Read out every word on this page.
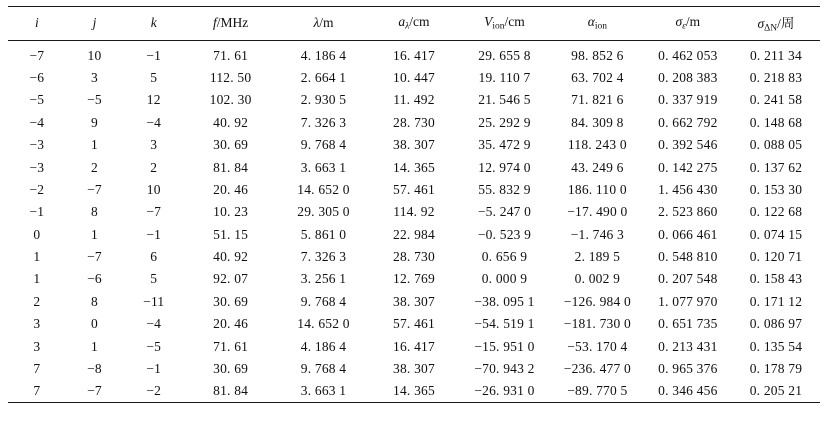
i	j	k	f/MHz	λ/m	$a_\lambda/cm$	$V_{ion}/cm$	$\alpha_{ion}$	$\sigma_\varepsilon/m$	$\sigma_{\Delta N}/$周
−7	10	−1	71. 61	4. 186 4	16. 417	29. 655 8	98. 852 6	0. 462 053	0. 211 34
−6	3	5	112. 50	2. 664 1	10. 447	19. 110 7	63. 702 4	0. 208 383	0. 218 83
−5	−5	12	102. 30	2. 930 5	11. 492	21. 546 5	71. 821 6	0. 337 919	0. 241 58
−4	9	−4	40. 92	7. 326 3	28. 730	25. 292 9	84. 309 8	0. 662 792	0. 148 68
−3	1	3	30. 69	9. 768 4	38. 307	35. 472 9	118. 243 0	0. 392 546	0. 088 05
−3	2	2	81. 84	3. 663 1	14. 365	12. 974 0	43. 249 6	0. 142 275	0. 137 62
−2	−7	10	20. 46	14. 652 0	57. 461	55. 832 9	186. 110 0	1. 456 430	0. 153 30
−1	8	−7	10. 23	29. 305 0	114. 92	−5. 247 0	−17. 490 0	2. 523 860	0. 122 68
0	1	−1	51. 15	5. 861 0	22. 984	−0. 523 9	−1. 746 3	0. 066 461	0. 074 15
1	−7	6	40. 92	7. 326 3	28. 730	0. 656 9	2. 189 5	0. 548 810	0. 120 71
1	−6	5	92. 07	3. 256 1	12. 769	0. 000 9	0. 002 9	0. 207 548	0. 158 43
2	8	−11	30. 69	9. 768 4	38. 307	−38. 095 1	−126. 984 0	1. 077 970	0. 171 12
3	0	−4	20. 46	14. 652 0	57. 461	−54. 519 1	−181. 730 0	0. 651 735	0. 086 97
3	1	−5	71. 61	4. 186 4	16. 417	−15. 951 0	−53. 170 4	0. 213 431	0. 135 54
7	−8	−1	30. 69	9. 768 4	38. 307	−70. 943 2	−236. 477 0	0. 965 376	0. 178 79
7	−7	−2	81. 84	3. 663 1	14. 365	−26. 931 0	−89. 770 5	0. 346 456	0. 205 21
